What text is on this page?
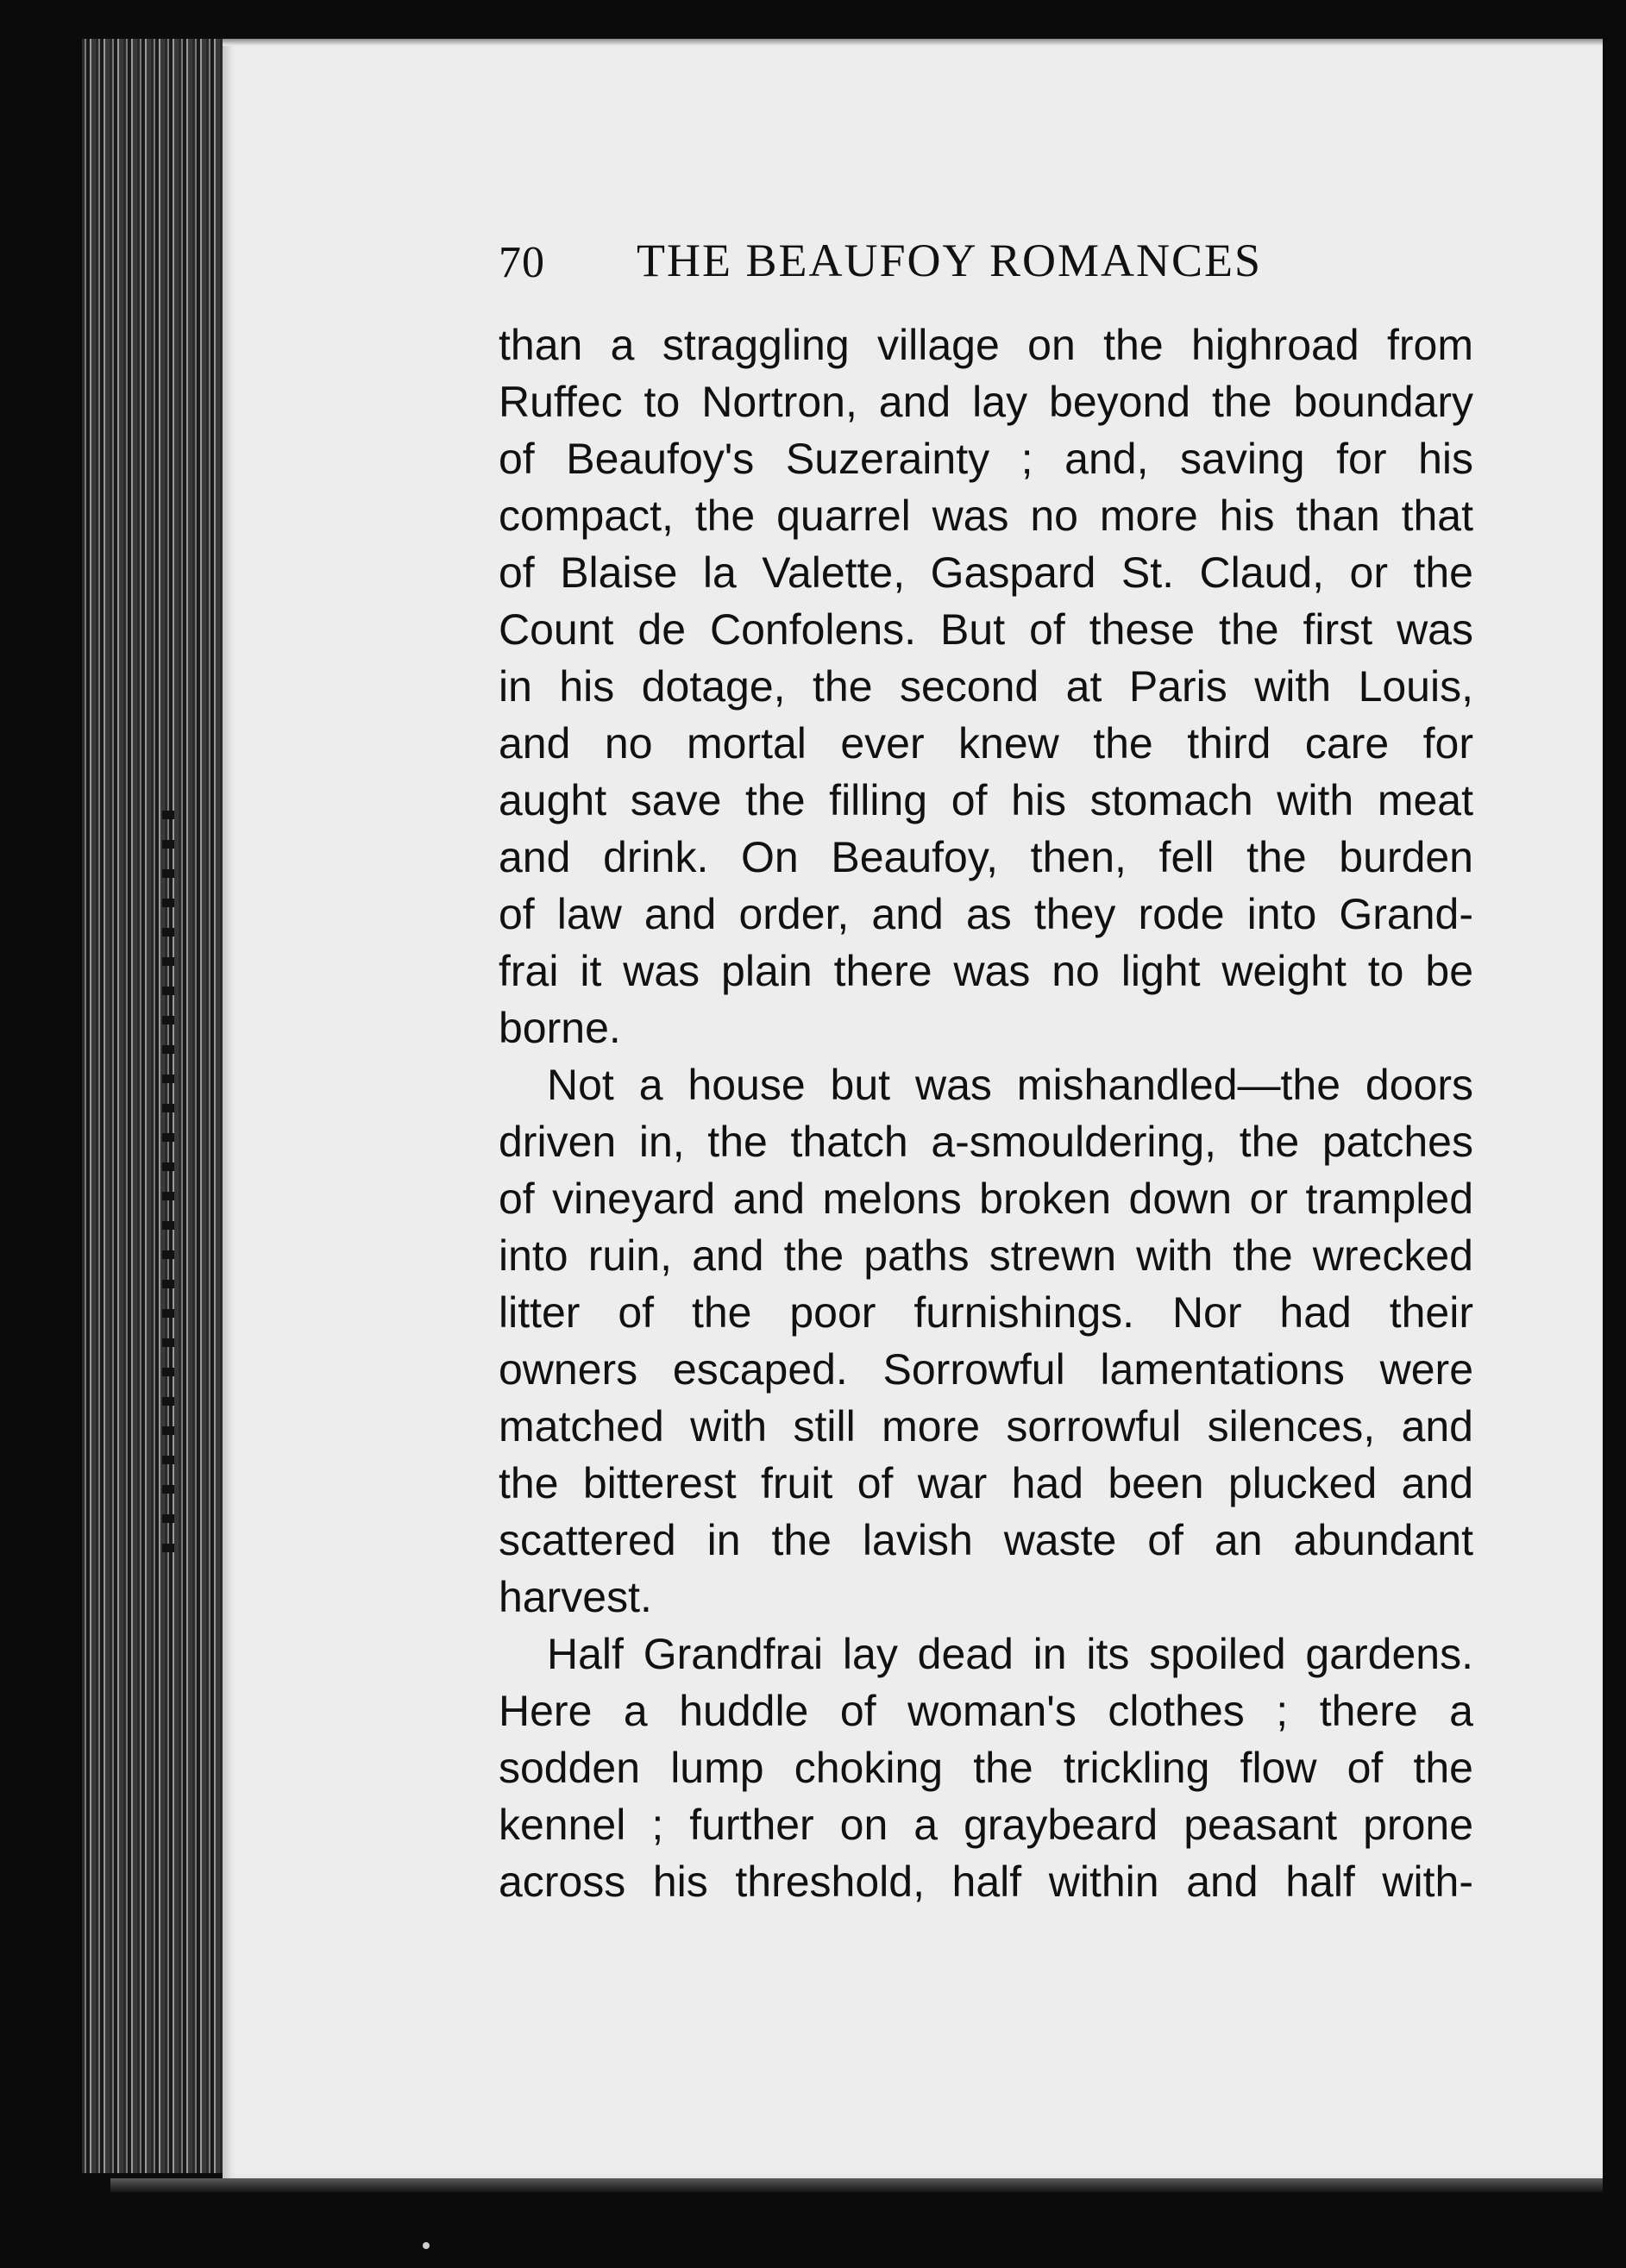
70 THE BEAUFOY ROMANCES
than a straggling village on the highroad from
Ruffec to Nortron, and lay beyond the boundary
of Beaufoy's Suzerainty ; and, saving for his
compact, the quarrel was no more his than that
of Blaise la Valette, Gaspard St. Claud, or the
Count de Confolens. But of these the first was
in his dotage, the second at Paris with Louis,
and no mortal ever knew the third care for
aught save the filling of his stomach with meat
and drink. On Beaufoy, then, fell the burden
of law and order, and as they rode into Grand-
frai it was plain there was no light weight to be
borne.
Not a house but was mishandled—the doors
driven in, the thatch a-smouldering, the patches
of vineyard and melons broken down or trampled
into ruin, and the paths strewn with the wrecked
litter of the poor furnishings. Nor had their
owners escaped. Sorrowful lamentations were
matched with still more sorrowful silences, and
the bitterest fruit of war had been plucked and
scattered in the lavish waste of an abundant
harvest.
Half Grandfrai lay dead in its spoiled gardens.
Here a huddle of woman's clothes ; there a
sodden lump choking the trickling flow of the
kennel ; further on a graybeard peasant prone
across his threshold, half within and half with-
